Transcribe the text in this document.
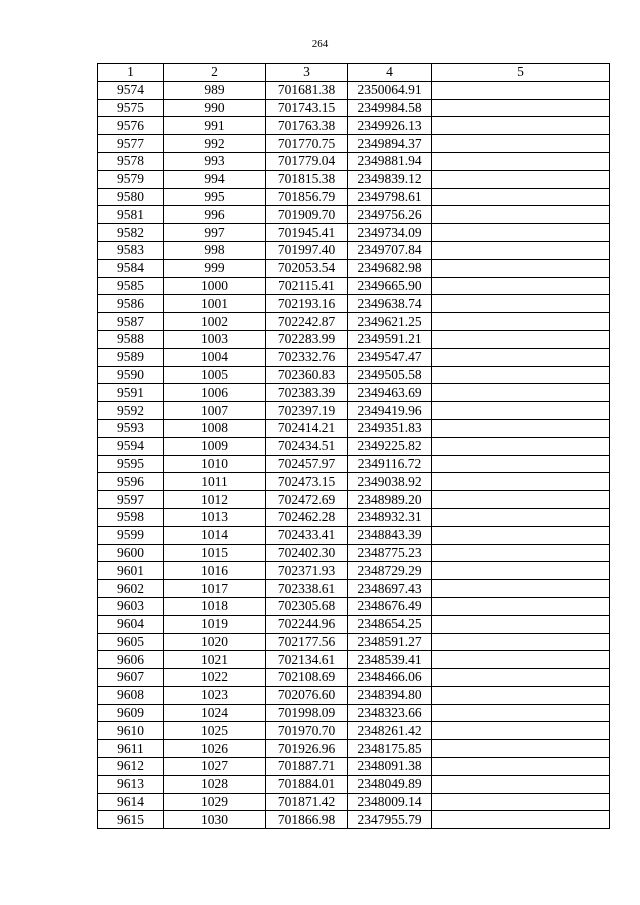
264
1	2	3	4	5
9574	989	701681.38	2350064.91	
9575	990	701743.15	2349984.58	
9576	991	701763.38	2349926.13	
9577	992	701770.75	2349894.37	
9578	993	701779.04	2349881.94	
9579	994	701815.38	2349839.12	
9580	995	701856.79	2349798.61	
9581	996	701909.70	2349756.26	
9582	997	701945.41	2349734.09	
9583	998	701997.40	2349707.84	
9584	999	702053.54	2349682.98	
9585	1000	702115.41	2349665.90	
9586	1001	702193.16	2349638.74	
9587	1002	702242.87	2349621.25	
9588	1003	702283.99	2349591.21	
9589	1004	702332.76	2349547.47	
9590	1005	702360.83	2349505.58	
9591	1006	702383.39	2349463.69	
9592	1007	702397.19	2349419.96	
9593	1008	702414.21	2349351.83	
9594	1009	702434.51	2349225.82	
9595	1010	702457.97	2349116.72	
9596	1011	702473.15	2349038.92	
9597	1012	702472.69	2348989.20	
9598	1013	702462.28	2348932.31	
9599	1014	702433.41	2348843.39	
9600	1015	702402.30	2348775.23	
9601	1016	702371.93	2348729.29	
9602	1017	702338.61	2348697.43	
9603	1018	702305.68	2348676.49	
9604	1019	702244.96	2348654.25	
9605	1020	702177.56	2348591.27	
9606	1021	702134.61	2348539.41	
9607	1022	702108.69	2348466.06	
9608	1023	702076.60	2348394.80	
9609	1024	701998.09	2348323.66	
9610	1025	701970.70	2348261.42	
9611	1026	701926.96	2348175.85	
9612	1027	701887.71	2348091.38	
9613	1028	701884.01	2348049.89	
9614	1029	701871.42	2348009.14	
9615	1030	701866.98	2347955.79	
